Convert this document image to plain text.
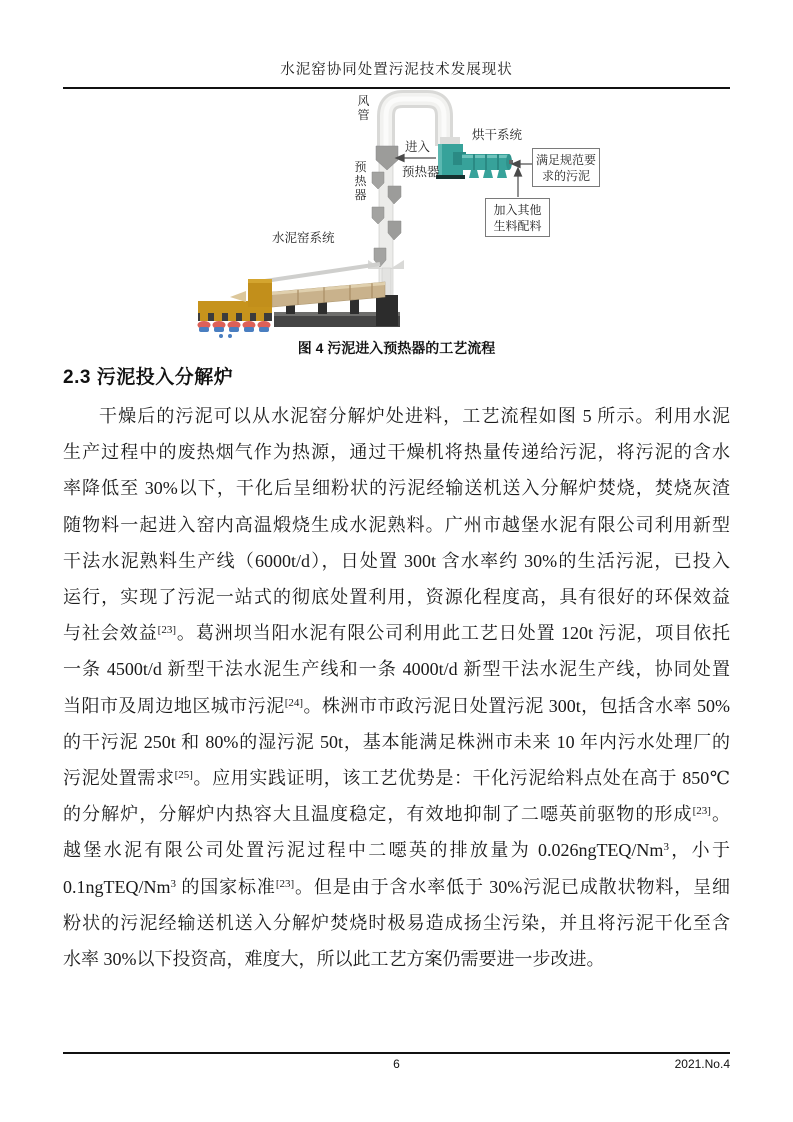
水泥窑协同处置污泥技术发展现状
风管
进入
预热器
烘干系统
预热器
水泥窑系统
满足规范要求的污泥
加入其他生料配料
图 4 污泥进入预热器的工艺流程
2.3 污泥投入分解炉
干燥后的污泥可以从水泥窑分解炉处进料，工艺流程如图 5 所示。利用水泥
生产过程中的废热烟气作为热源，通过干燥机将热量传递给污泥，将污泥的含水
率降低至 30%以下，干化后呈细粉状的污泥经输送机送入分解炉焚烧，焚烧灰渣
随物料一起进入窑内高温煅烧生成水泥熟料。广州市越堡水泥有限公司利用新型
干法水泥熟料生产线（6000t/d），日处置 300t 含水率约 30%的生活污泥，已投入
运行，实现了污泥一站式的彻底处置利用，资源化程度高，具有很好的环保效益
与社会效益[23]。葛洲坝当阳水泥有限公司利用此工艺日处置 120t 污泥，项目依托
一条 4500t/d 新型干法水泥生产线和一条 4000t/d 新型干法水泥生产线，协同处置
当阳市及周边地区城市污泥[24]。株洲市市政污泥日处置污泥 300t，包括含水率 50%
的干污泥 250t 和 80%的湿污泥 50t，基本能满足株洲市未来 10 年内污水处理厂的
污泥处置需求[25]。应用实践证明，该工艺优势是：干化污泥给料点处在高于 850℃
的分解炉，分解炉内热容大且温度稳定，有效地抑制了二噁英前驱物的形成[23]。
越堡水泥有限公司处置污泥过程中二噁英的排放量为 0.026ngTEQ/Nm$^3$，小于
0.1ngTEQ/Nm$^3$ 的国家标准[23]。但是由于含水率低于 30%污泥已成散状物料，呈细
粉状的污泥经输送机送入分解炉焚烧时极易造成扬尘污染，并且将污泥干化至含
水率 30%以下投资高，难度大，所以此工艺方案仍需要进一步改进。
6	2021.No.4
